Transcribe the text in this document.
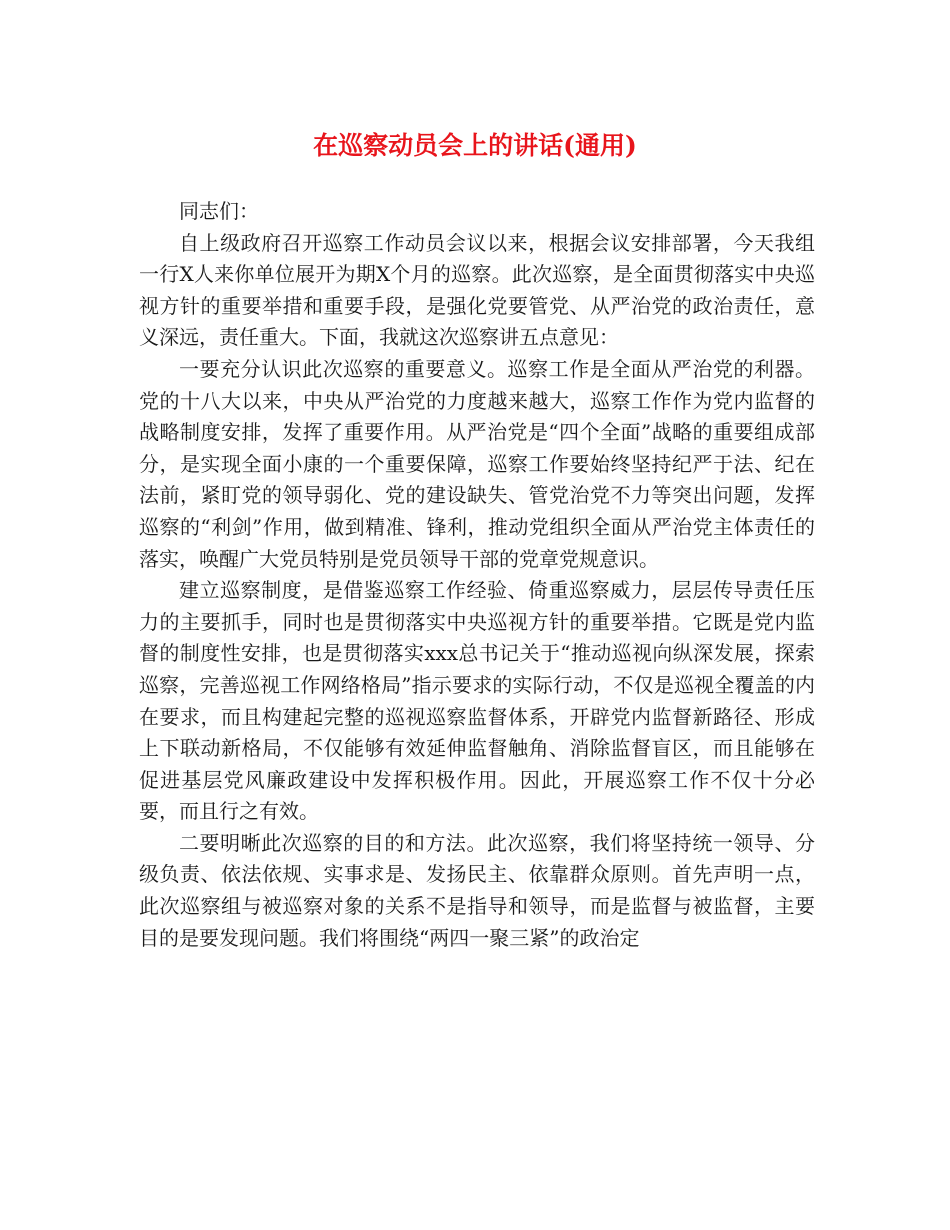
在巡察动员会上的讲话(通用)

同志们：

自上级政府召开巡察工作动员会议以来，根据会议安排部署，今天我组一行X人来你单位展开为期X个月的巡察。此次巡察，是全面贯彻落实中央巡视方针的重要举措和重要手段，是强化党要管党、从严治党的政治责任，意义深远，责任重大。下面，我就这次巡察讲五点意见：

一要充分认识此次巡察的重要意义。巡察工作是全面从严治党的利器。党的十八大以来，中央从严治党的力度越来越大，巡察工作作为党内监督的战略制度安排，发挥了重要作用。从严治党是“四个全面”战略的重要组成部分，是实现全面小康的一个重要保障，巡察工作要始终坚持纪严于法、纪在法前，紧盯党的领导弱化、党的建设缺失、管党治党不力等突出问题，发挥巡察的“利剑”作用，做到精准、锋利，推动党组织全面从严治党主体责任的落实，唤醒广大党员特别是党员领导干部的党章党规意识。

建立巡察制度，是借鉴巡察工作经验、倚重巡察威力，层层传导责任压力的主要抓手，同时也是贯彻落实中央巡视方针的重要举措。它既是党内监督的制度性安排，也是贯彻落实xxx总书记关于“推动巡视向纵深发展，探索巡察，完善巡视工作网络格局”指示要求的实际行动，不仅是巡视全覆盖的内在要求，而且构建起完整的巡视巡察监督体系，开辟党内监督新路径、形成上下联动新格局，不仅能够有效延伸监督触角、消除监督盲区，而且能够在促进基层党风廉政建设中发挥积极作用。因此，开展巡察工作不仅十分必要，而且行之有效。

二要明晰此次巡察的目的和方法。此次巡察，我们将坚持统一领导、分级负责、依法依规、实事求是、发扬民主、依靠群众原则。首先声明一点，此次巡察组与被巡察对象的关系不是指导和领导，而是监督与被监督，主要目的是要发现问题。我们将围绕“两四一聚三紧”的政治定
